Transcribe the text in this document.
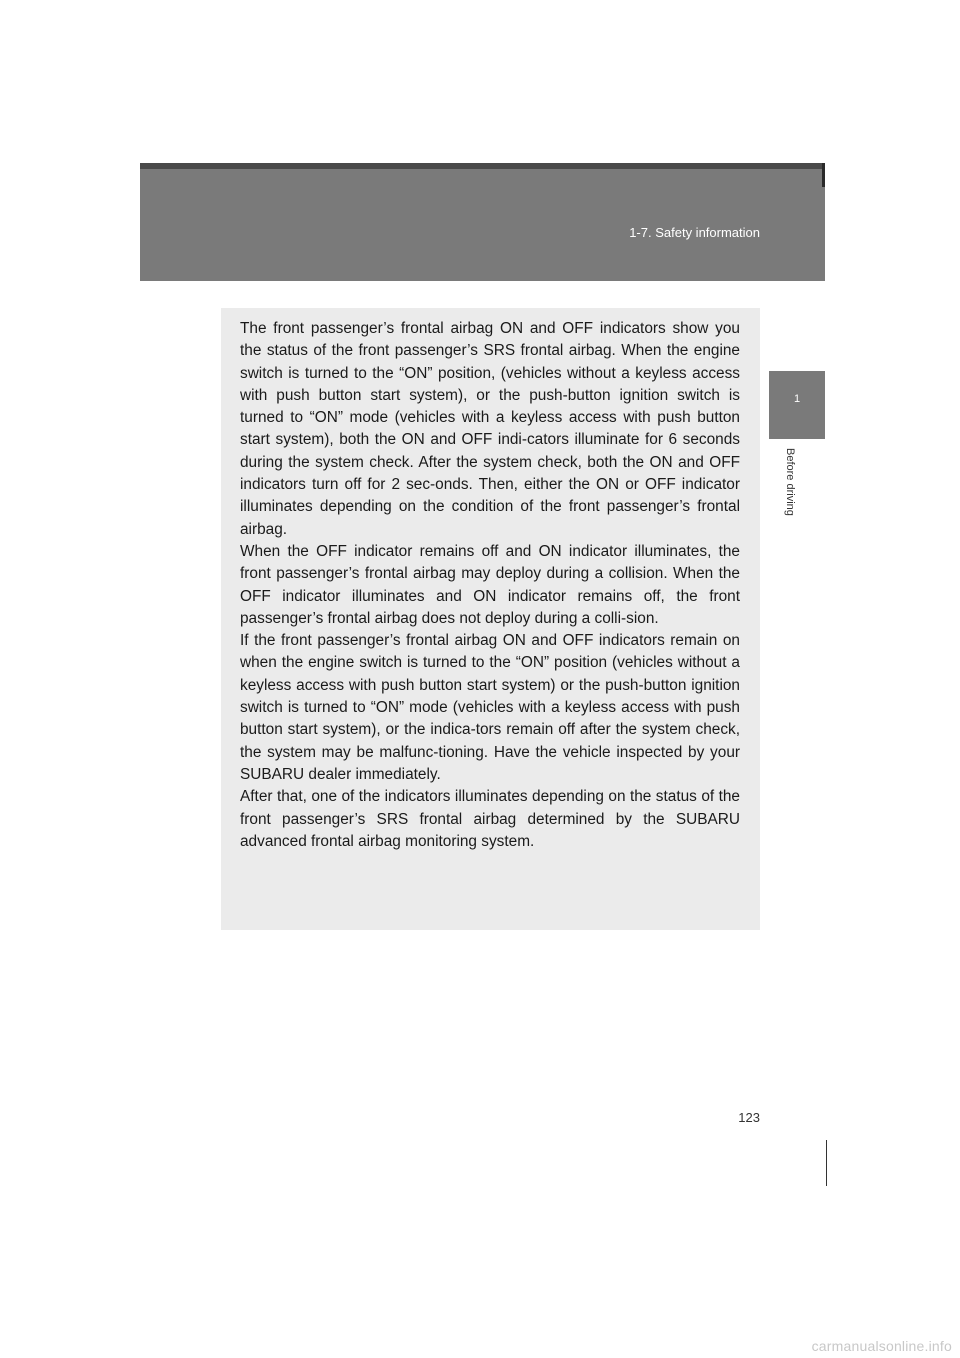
1-7. Safety information
1
Before driving

The front passenger’s frontal airbag ON and OFF indicators show you the status of the front passenger’s SRS frontal airbag. When the engine switch is turned to the “ON” position, (vehicles without a keyless access with push button start system), or the push-button ignition switch is turned to “ON” mode (vehicles with a keyless access with push button start system), both the ON and OFF indi-cators illuminate for 6 seconds during the system check. After the system check, both the ON and OFF indicators turn off for 2 sec-onds. Then, either the ON or OFF indicator illuminates depending on the condition of the front passenger’s frontal airbag.

When the OFF indicator remains off and ON indicator illuminates, the front passenger’s frontal airbag may deploy during a collision. When the OFF indicator illuminates and ON indicator remains off, the front passenger’s frontal airbag does not deploy during a colli-sion.

If the front passenger’s frontal airbag ON and OFF indicators remain on when the engine switch is turned to the “ON” position (vehicles without a keyless access with push button start system) or the push-button ignition switch is turned to “ON” mode (vehicles with a keyless access with push button start system), or the indica-tors remain off after the system check, the system may be malfunc-tioning. Have the vehicle inspected by your SUBARU dealer immediately.

After that, one of the indicators illuminates depending on the status of the front passenger’s SRS frontal airbag determined by the SUBARU advanced frontal airbag monitoring system.

123
carmanualsonline.info
